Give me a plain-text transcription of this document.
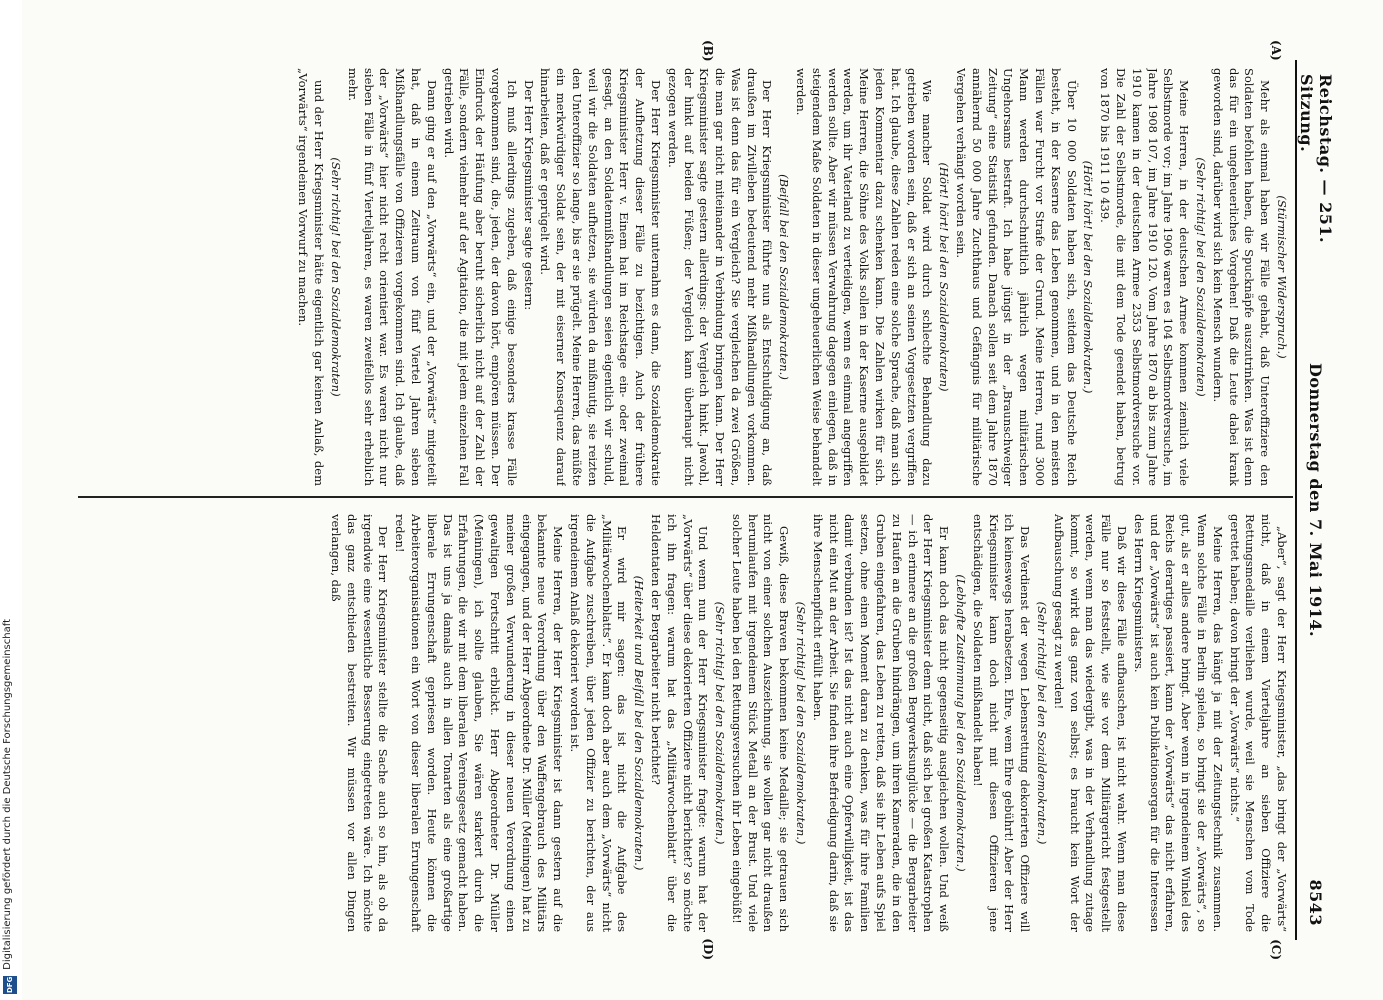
Digitalisierung gefördert durch die Deutsche Forschungsgemeinschaft
DFG
Reichstag. — 251. Sitzung.
Donnerstag den 7. Mai 1914.
8543
(A)
(B)
(C)
(D)

(Stürmischer Widerspruch.)

Mehr als einmal haben wir Fälle gehabt, daß Unteroffiziere den Soldaten befohlen haben, die Spucknäpfe auszutrinken. Was ist denn das für ein ungeheuerliches Vorgehen! Daß die Leute dabei krank geworden sind, darüber wird sich kein Mensch wundern.

(Sehr richtig! bei den Sozialdemokraten)

Meine Herren, in der deutschen Armee kommen ziemlich viele Selbstmorde vor; im Jahre 1906 waren es 104 Selbstmordversuche, im Jahre 1908 107, im Jahre 1910 120. Vom Jahre 1870 ab bis zum Jahre 1910 kamen in der deutschen Armee 2353 Selbstmordversuche vor. Die Zahl der Selbstmorde, die mit dem Tode geendet haben, betrug von 1870 bis 1911 10 439.

(Hört! hört! bei den Sozialdemokraten.)

Über 10 000 Soldaten haben sich, seitdem das Deutsche Reich besteht, in der Kaserne das Leben genommen, und in den meisten Fällen war Furcht vor Strafe der Grund. Meine Herren, rund 3000 Mann werden durchschnittlich jährlich wegen militärischen Ungehorsams bestraft. Ich habe jüngst in der „Braunschweiger Zeitung“ eine Statistik gefunden. Danach sollen seit dem Jahre 1870 annähernd 50 000 Jahre Zuchthaus und Gefängnis für militärische Vergehen verhängt worden sein.

(Hört! hört! bei den Sozialdemokraten)

Wie mancher Soldat wird durch schlechte Behandlung dazu getrieben worden sein, daß er sich an seinen Vorgesetzten vergriffen hat. Ich glaube, diese Zahlen reden eine solche Sprache, daß man sich jeden Kommentar dazu schenken kann. Die Zahlen wirken für sich. Meine Herren, die Söhne des Volks sollen in der Kaserne ausgebildet werden, um ihr Vaterland zu verteidigen, wenn es einmal angegriffen werden sollte. Aber wir müssen Verwahrung dagegen einlegen, daß in steigendem Maße Soldaten in dieser ungeheuerlichen Weise behandelt werden.

(Beifall bei den Sozialdemokraten.)

Der Herr Kriegsminister führte nun als Entschuldigung an, daß draußen im Zivilleben bedeutend mehr Mißhandlungen vorkommen. Was ist denn das für ein Vergleich? Sie vergleichen da zwei Größen, die man gar nicht miteinander in Verbindung bringen kann. Der Herr Kriegsminister sagte gestern allerdings: der Vergleich hinkt. Jawohl, der hinkt auf beiden Füßen; der Vergleich kann überhaupt nicht gezogen werden.

Der Herr Kriegsminister unternahm es dann, die Sozialdemokratie der Aufhetzung dieser Fälle zu bezichtigen. Auch der frühere Kriegsminister Herr v. Einem hat im Reichstage ein- oder zweimal gesagt, an den Soldatenmißhandlungen seien eigentlich wir schuld, weil wir die Soldaten aufhetzen, sie würden da mißmutig, sie reizten den Unteroffizier so lange, bis er sie prügelt. Meine Herren, das müßte ein merkwürdiger Soldat sein, der mit eiserner Konsequenz darauf hinarbeiten, daß er geprügelt wird.

Der Herr Kriegsminister sagte gestern:

Ich muß allerdings zugeben, daß einige besonders krasse Fälle vorgekommen sind, die, jeden, der davon hört, empören müssen. Der Eindruck der Häufung aber beruht sicherlich nicht auf der Zahl der Fälle, sondern vielmehr auf der Agitation, die mit jedem einzelnen Fall getrieben wird.

Dann ging er auf den „Vorwärts“ ein, und der „Vorwärts“ mitgeteilt hat, daß in einem Zeitraum von fünf Viertel Jahren sieben Mißhandlungsfälle von Offizieren vorgekommen sind. Ich glaube, daß der „Vorwärts“ hier nicht recht orientiert war. Es waren nicht nur sieben Fälle in fünf Vierteljahren, es waren zweifellos sehr erheblich mehr.

(Sehr richtig! bei den Sozialdemokraten)

und der Herr Kriegsminister hätte eigentlich gar keinen Anlaß, dem „Vorwärts“ irgendeinen Vorwurf zu machen.

„Aber“, sagt der Herr Kriegsminister, „das bringt der „Vorwärts“ nicht, daß in einem Vierteljahre an sieben Offiziere die Rettungsmedaille verliehen wurde, weil sie Menschen vom Tode gerettet haben; davon bringt der „Vorwärts“ nichts.“

Meine Herren, das hängt ja mit der Zeitungstechnik zusammen. Wenn solche Fälle in Berlin spielen, so bringt sie der „Vorwärts“, so gut, als er alles andere bringt. Aber wenn in irgendeinem Winkel des Reichs derartiges passiert, kann der „Vorwärts“ das nicht erfahren, und der „Vorwärts“ ist auch kein Publikationsorgan für die Interessen des Herrn Kriegsministers.

Daß wir diese Fälle aufbauschen, ist nicht wahr. Wenn man diese Fälle nur so feststellt, wie sie vor dem Militärgericht festgestellt werden, wenn man das wiedergibt, was in der Verhandlung zutage kommt, so wirkt das ganz von selbst; es braucht kein Wort der Aufbauschung gesagt zu werden!

(Sehr richtig! bei den Sozialdemokraten.)

Das Verdienst der wegen Lebensrettung dekorierten Offiziere will ich keineswegs herabsetzen. Ehre, wem Ehre gebührt! Aber der Herr Kriegsminister kann doch nicht mit diesen Offizieren jene entschädigen, die Soldaten mißhandelt haben!

(Lebhafte Zustimmung bei den Sozialdemokraten.)

Er kann doch das nicht gegenseitig ausgleichen wollen. Und weiß der Herr Kriegsminister denn nicht, daß sich bei großen Katastrophen — ich erinnere an die großen Bergwerksunglücke — die Bergarbeiter zu Haufen an die Gruben hindrängen, um ihren Kameraden, die in den Gruben eingefahren, das Leben zu retten, daß sie ihr Leben aufs Spiel setzen, ohne einen Moment daran zu denken, was für ihre Familien damit verbunden ist? Ist das nicht auch eine Opferwilligkeit, ist das nicht ein Mut an der Arbeit. Sie finden ihre Befriedigung darin, daß sie ihre Menschenpflicht erfüllt haben.

(Sehr richtig! bei den Sozialdemokraten.)

Gewiß, diese Braven bekommen keine Medaille; sie getrauen sich nicht von einer solchen Auszeichnung, sie wollen gar nicht draußen herumlaufen mit irgendeinem Stück Metall an der Brust. Und viele solcher Leute haben bei den Rettungsversuchen ihr Leben eingebüßt!

(Sehr richtig! bei den Sozialdemokraten.)

Und wenn nun der Herr Kriegsminister fragte: warum hat der „Vorwärts“ über diese dekorierten Offiziere nicht berichtet? so möchte ich ihn fragen: warum hat das „Militärwochenblatt“ über die Heldentaten der Bergarbeiter nicht berichtet?

(Heiterkeit und Beifall bei den Sozialdemokraten.)

Er wird mir sagen: das ist nicht die Aufgabe des „Militärwochenblatts“. Er kann doch aber auch dem „Vorwärts“ nicht die Aufgabe zuschreiben, über jeden Offizier zu berichten, der aus irgendeinem Anlaß dekoriert worden ist.

Meine Herren, der Herr Kriegsminister ist dann gestern auf die bekannte neue Verordnung über den Waffengebrauch des Militärs eingegangen, und der Herr Abgeordnete Dr. Müller (Meiningen) hat zu meiner großen Verwunderung in dieser neuen Verordnung einen gewaltigen Fortschritt erblickt. Herr Abgeordneter Dr. Müller (Meiningen), ich sollte glauben, Sie wären starkert durch die Erfahrungen, die wir mit dem liberalen Vereinsgesetz gemacht haben. Das ist uns ja damals auch in allen Tonarten als eine großartige liberale Errungenschaft gepriesen worden. Heute können die Arbeiterorganisationen ein Wort von dieser liberalen Errungenschaft reden!

Der Herr Kriegsminister stellte die Sache auch so hin, als ob da irgendwie eine wesentliche Besserung eingetreten wäre. Ich möchte das ganz entschieden bestreiten. Wir müssen vor allen Dingen verlangen, daß
